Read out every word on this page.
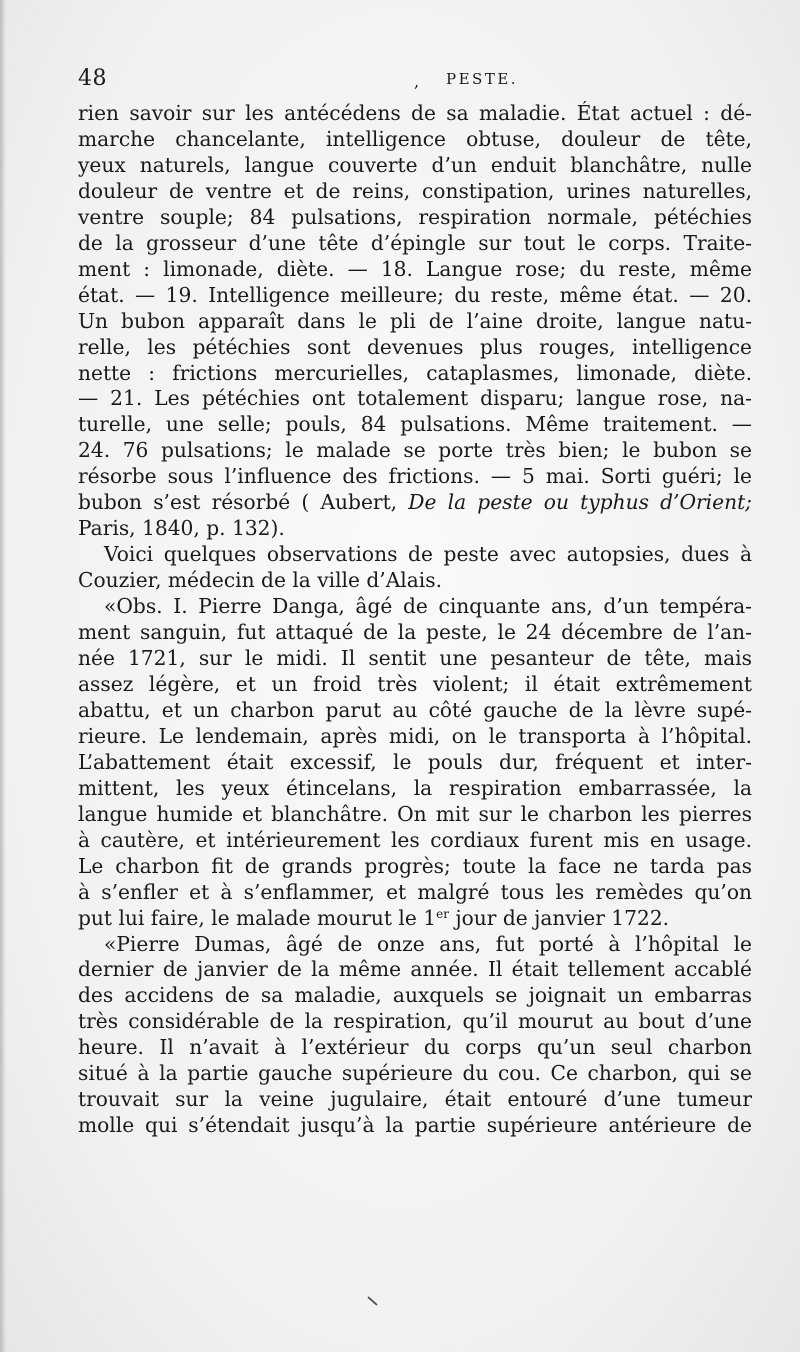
48	, PESTE.
rien savoir sur les antécédens de sa maladie. État actuel : dé-
marche chancelante, intelligence obtuse, douleur de tête,
yeux naturels, langue couverte d’un enduit blanchâtre, nulle
douleur de ventre et de reins, constipation, urines naturelles,
ventre souple; 84 pulsations, respiration normale, pétéchies
de la grosseur d’une tête d’épingle sur tout le corps. Traite-
ment : limonade, diète. — 18. Langue rose; du reste, même
état. — 19. Intelligence meilleure; du reste, même état. — 20.
Un bubon apparaît dans le pli de l’aine droite, langue natu-
relle, les pétéchies sont devenues plus rouges, intelligence
nette : frictions mercurielles, cataplasmes, limonade, diète.
— 21. Les pétéchies ont totalement disparu; langue rose, na-
turelle, une selle; pouls, 84 pulsations. Même traitement. —
24. 76 pulsations; le malade se porte très bien; le bubon se
résorbe sous l’influence des frictions. — 5 mai. Sorti guéri; le
bubon s’est résorbé ( Aubert, De la peste ou typhus d’Orient;
Paris, 1840, p. 132).
Voici quelques observations de peste avec autopsies, dues à
Couzier, médecin de la ville d’Alais.
«Obs. I. Pierre Danga, âgé de cinquante ans, d’un tempéra-
ment sanguin, fut attaqué de la peste, le 24 décembre de l’an-
née 1721, sur le midi. Il sentit une pesanteur de tête, mais
assez légère, et un froid très violent; il était extrêmement
abattu, et un charbon parut au côté gauche de la lèvre supé-
rieure. Le lendemain, après midi, on le transporta à l’hôpital.
L’abattement était excessif, le pouls dur, fréquent et inter-
mittent, les yeux étincelans, la respiration embarrassée, la
langue humide et blanchâtre. On mit sur le charbon les pierres
à cautère, et intérieurement les cordiaux furent mis en usage.
Le charbon fit de grands progrès; toute la face ne tarda pas
à s’enfler et à s’enflammer, et malgré tous les remèdes qu’on
put lui faire, le malade mourut le 1er jour de janvier 1722.
«Pierre Dumas, âgé de onze ans, fut porté à l’hôpital le
dernier de janvier de la même année. Il était tellement accablé
des accidens de sa maladie, auxquels se joignait un embarras
très considérable de la respiration, qu’il mourut au bout d’une
heure. Il n’avait à l’extérieur du corps qu’un seul charbon
situé à la partie gauche supérieure du cou. Ce charbon, qui se
trouvait sur la veine jugulaire, était entouré d’une tumeur
molle qui s’étendait jusqu’à la partie supérieure antérieure de
